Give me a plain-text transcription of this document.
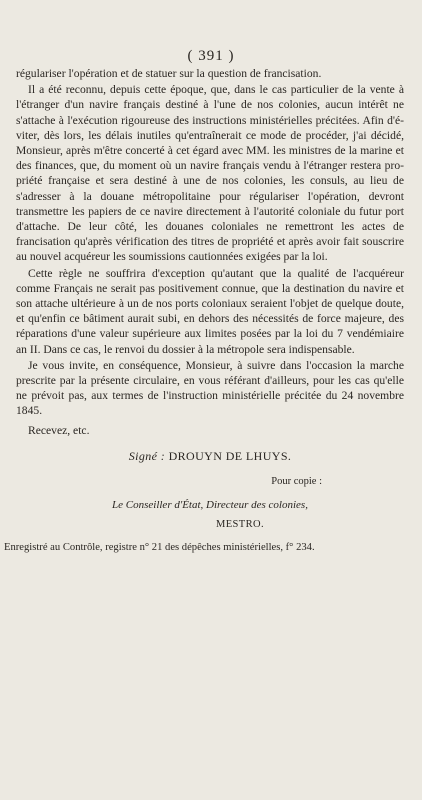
( 391 )

régulariser l'opération et de statuer sur la question de francisation.

Il a été reconnu, depuis cette époque, que, dans le cas particulier de la vente à l'étranger d'un navire français destiné à l'une de nos colonies, aucun intérêt ne s'attache à l'exécution rigoureuse des instructions ministérielles précitées. Afin d'éviter, dès lors, les délais inutiles qu'entraînerait ce mode de procéder, j'ai décidé, Monsieur, après m'être concerté à cet égard avec MM. les ministres de la marine et des finances, que, du moment où un navire français vendu à l'étranger restera propriété française et sera destiné à une de nos colonies, les consuls, au lieu de s'adresser à la douane métropolitaine pour régulariser l'opération, devront transmettre les papiers de ce navire directement à l'autorité coloniale du futur port d'attache. De leur côté, les douanes coloniales ne remettront les actes de francisation qu'après vérification des titres de propriété et après avoir fait souscrire au nouvel acquéreur les soumissions cautionnées exigées par la loi.

Cette règle ne souffrira d'exception qu'autant que la qualité de l'acquéreur comme Français ne serait pas positivement connue, que la destination du navire et son attache ultérieure à un de nos ports coloniaux seraient l'objet de quelque doute, et qu'enfin ce bâtiment aurait subi, en dehors des nécessités de force majeure, des réparations d'une valeur supérieure aux limites posées par la loi du 7 vendémiaire an II. Dans ce cas, le renvoi du dossier à la métropole sera indispensable.

Je vous invite, en conséquence, Monsieur, à suivre dans l'occasion la marche prescrite par la présente circulaire, en vous référant d'ailleurs, pour les cas qu'elle ne prévoit pas, aux termes de l'instruction ministérielle précitée du 24 novembre 1845.

Recevez, etc.

Signé : DROUYN DE LHUYS.
Pour copie :
Le Conseiller d'État, Directeur des colonies,
MESTRO.
Enregistré au Contrôle, registre n° 21 des dépêches ministérielles, f° 234.
